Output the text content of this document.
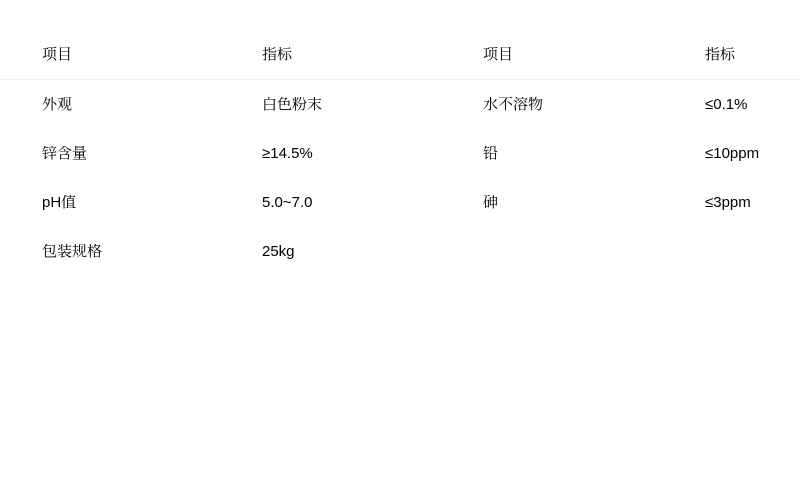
项目	指标	项目	指标
外观	白色粉末	水不溶物	≤0.1%
锌含量	≥14.5%	铅	≤10ppm
pH值	5.0~7.0	砷	≤3ppm
包装规格	25kg
